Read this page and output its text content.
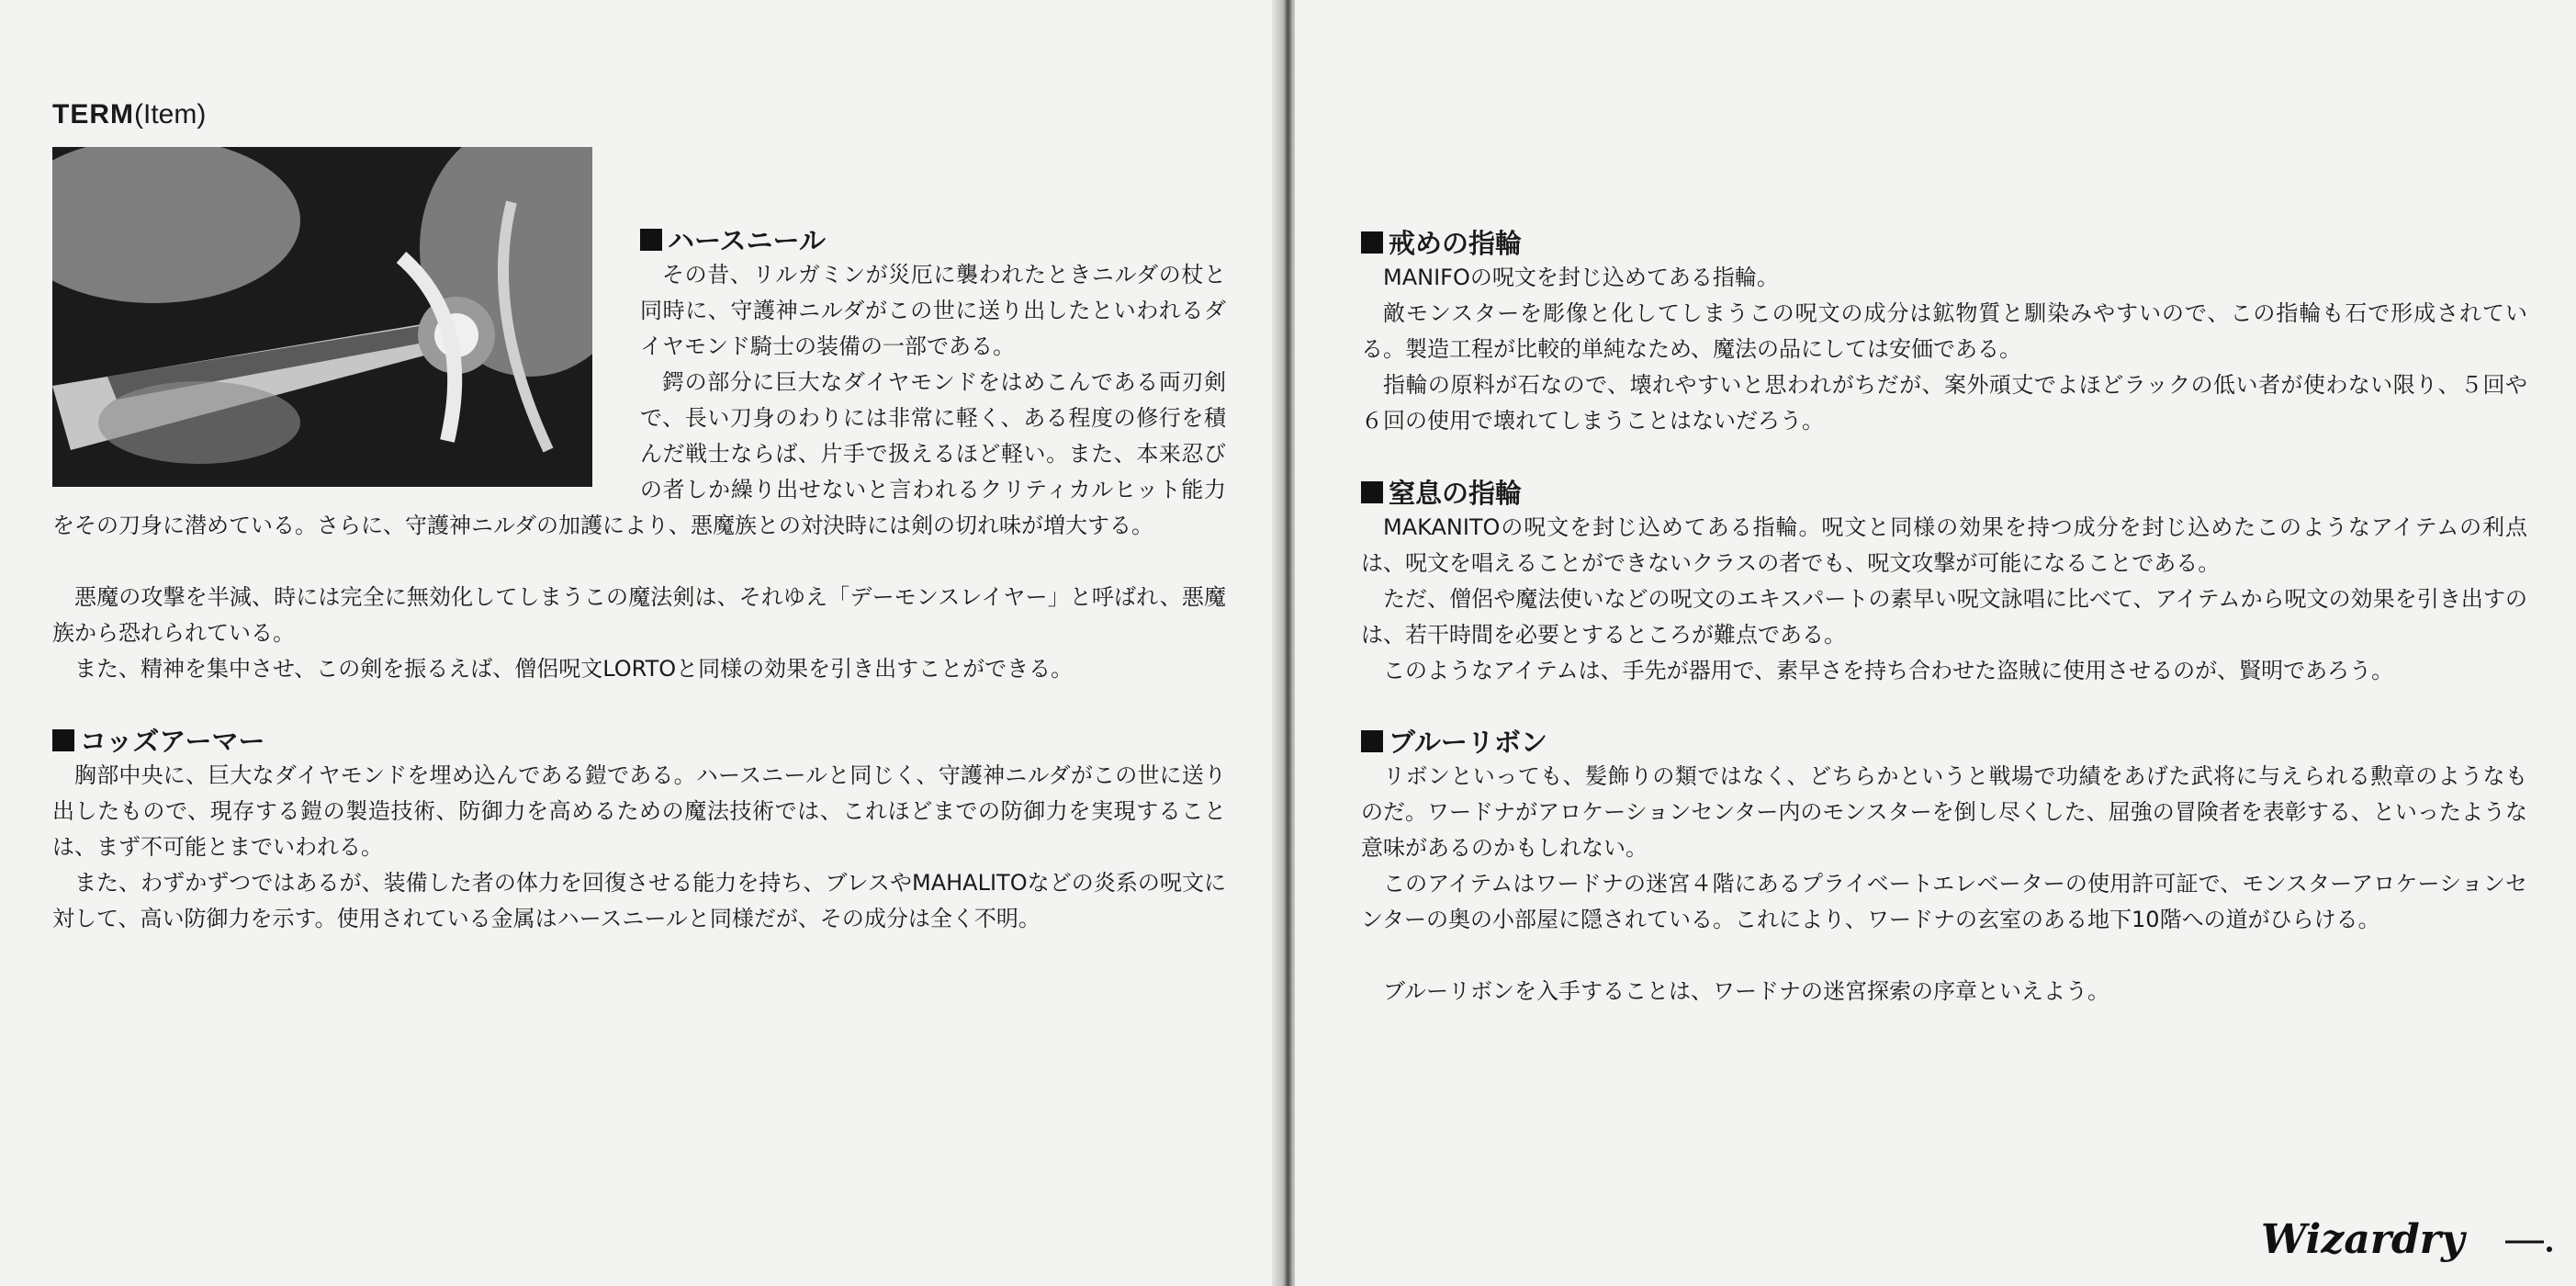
TERM(Item)
ハースニール

その昔、リルガミンが災厄に襲われたときニルダの杖と同時に、守護神ニルダがこの世に送り出したといわれるダイヤモンド騎士の装備の一部である。

鍔の部分に巨大なダイヤモンドをはめこんである両刃剣で、長い刀身のわりには非常に軽く、ある程度の修行を積んだ戦士ならば、片手で扱えるほど軽い。また、本来忍びの者しか繰り出せないと言われるクリティカルヒット能力をその刀身に潜めている。さらに、守護神ニルダの加護により、悪魔族との対決時には剣の切れ味が増大する。

悪魔の攻撃を半減、時には完全に無効化してしまうこの魔法剣は、それゆえ「デーモンスレイヤー」と呼ばれ、悪魔族から恐れられている。

また、精神を集中させ、この剣を振るえば、僧侶呪文LORTOと同様の効果を引き出すことができる。

コッズアーマー

胸部中央に、巨大なダイヤモンドを埋め込んである鎧である。ハースニールと同じく、守護神ニルダがこの世に送り出したもので、現存する鎧の製造技術、防御力を高めるための魔法技術では、これほどまでの防御力を実現することは、まず不可能とまでいわれる。

また、わずかずつではあるが、装備した者の体力を回復させる能力を持ち、ブレスやMAHALITOなどの炎系の呪文に対して、高い防御力を示す。使用されている金属はハースニールと同様だが、その成分は全く不明。

戒めの指輪

MANIFOの呪文を封じ込めてある指輪。

敵モンスターを彫像と化してしまうこの呪文の成分は鉱物質と馴染みやすいので、この指輪も石で形成されている。製造工程が比較的単純なため、魔法の品にしては安価である。

指輪の原料が石なので、壊れやすいと思われがちだが、案外頑丈でよほどラックの低い者が使わない限り、５回や６回の使用で壊れてしまうことはないだろう。

窒息の指輪

MAKANITOの呪文を封じ込めてある指輪。呪文と同様の効果を持つ成分を封じ込めたこのようなアイテムの利点は、呪文を唱えることができないクラスの者でも、呪文攻撃が可能になることである。

ただ、僧侶や魔法使いなどの呪文のエキスパートの素早い呪文詠唱に比べて、アイテムから呪文の効果を引き出すのは、若干時間を必要とするところが難点である。

このようなアイテムは、手先が器用で、素早さを持ち合わせた盗賊に使用させるのが、賢明であろう。

ブルーリボン

リボンといっても、髪飾りの類ではなく、どちらかというと戦場で功績をあげた武将に与えられる勲章のようなものだ。ワードナがアロケーションセンター内のモンスターを倒し尽くした、屈強の冒険者を表彰する、といったような意味があるのかもしれない。

このアイテムはワードナの迷宮４階にあるプライベートエレベーターの使用許可証で、モンスターアロケーションセンターの奥の小部屋に隠されている。これにより、ワードナの玄室のある地下10階への道がひらける。

ブルーリボンを入手することは、ワードナの迷宮探索の序章といえよう。

Wizardry
